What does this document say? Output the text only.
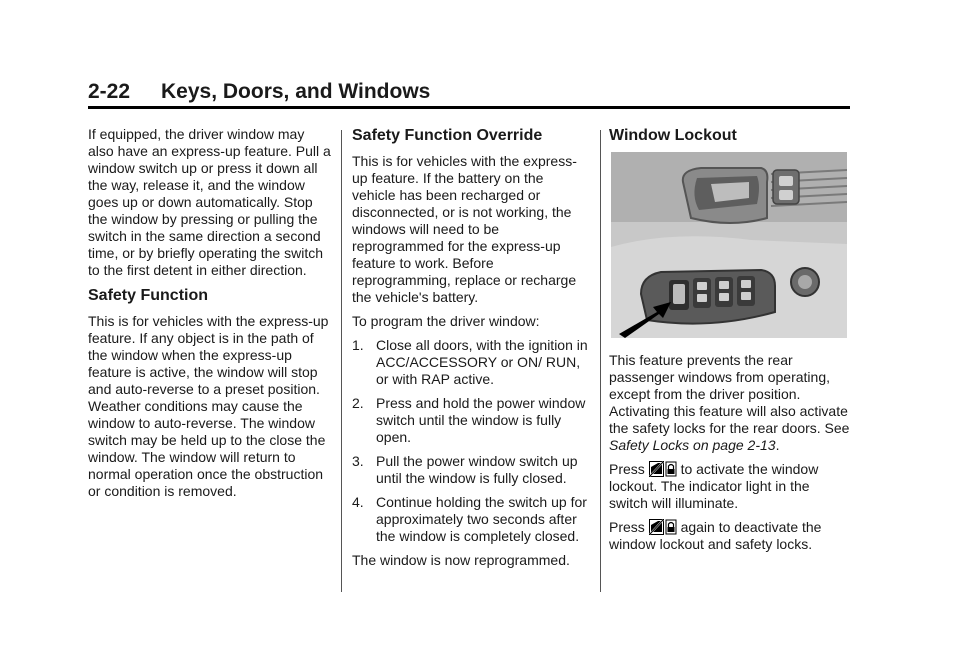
2-22 Keys, Doors, and Windows

If equipped, the driver window may also have an express-up feature. Pull a window switch up or press it down all the way, release it, and the window goes up or down automatically. Stop the window by pressing or pulling the switch in the same direction a second time, or by briefly operating the switch to the first detent in either direction.

Safety Function

This is for vehicles with the express-up feature. If any object is in the path of the window when the express-up feature is active, the window will stop and auto-reverse to a preset position. Weather conditions may cause the window to auto-reverse. The window switch may be held up to the close the window. The window will return to normal operation once the obstruction or condition is removed.

Safety Function Override

This is for vehicles with the express-up feature. If the battery on the vehicle has been recharged or disconnected, or is not working, the windows will need to be reprogrammed for the express-up feature to work. Before reprogramming, replace or recharge the vehicle's battery.

To program the driver window:

1. Close all doors, with the ignition in ACC/ACCESSORY or ON/ RUN, or with RAP active.
2. Press and hold the power window switch until the window is fully open.
3. Pull the power window switch up until the window is fully closed.
4. Continue holding the switch up for approximately two seconds after the window is completely closed.

The window is now reprogrammed.

Window Lockout

This feature prevents the rear passenger windows from operating, except from the driver position. Activating this feature will also activate the safety locks for the rear doors. See Safety Locks on page 2-13.

Press	to activate the window lockout. The indicator light in the switch will illuminate.

Press	again to deactivate the window lockout and safety locks.
